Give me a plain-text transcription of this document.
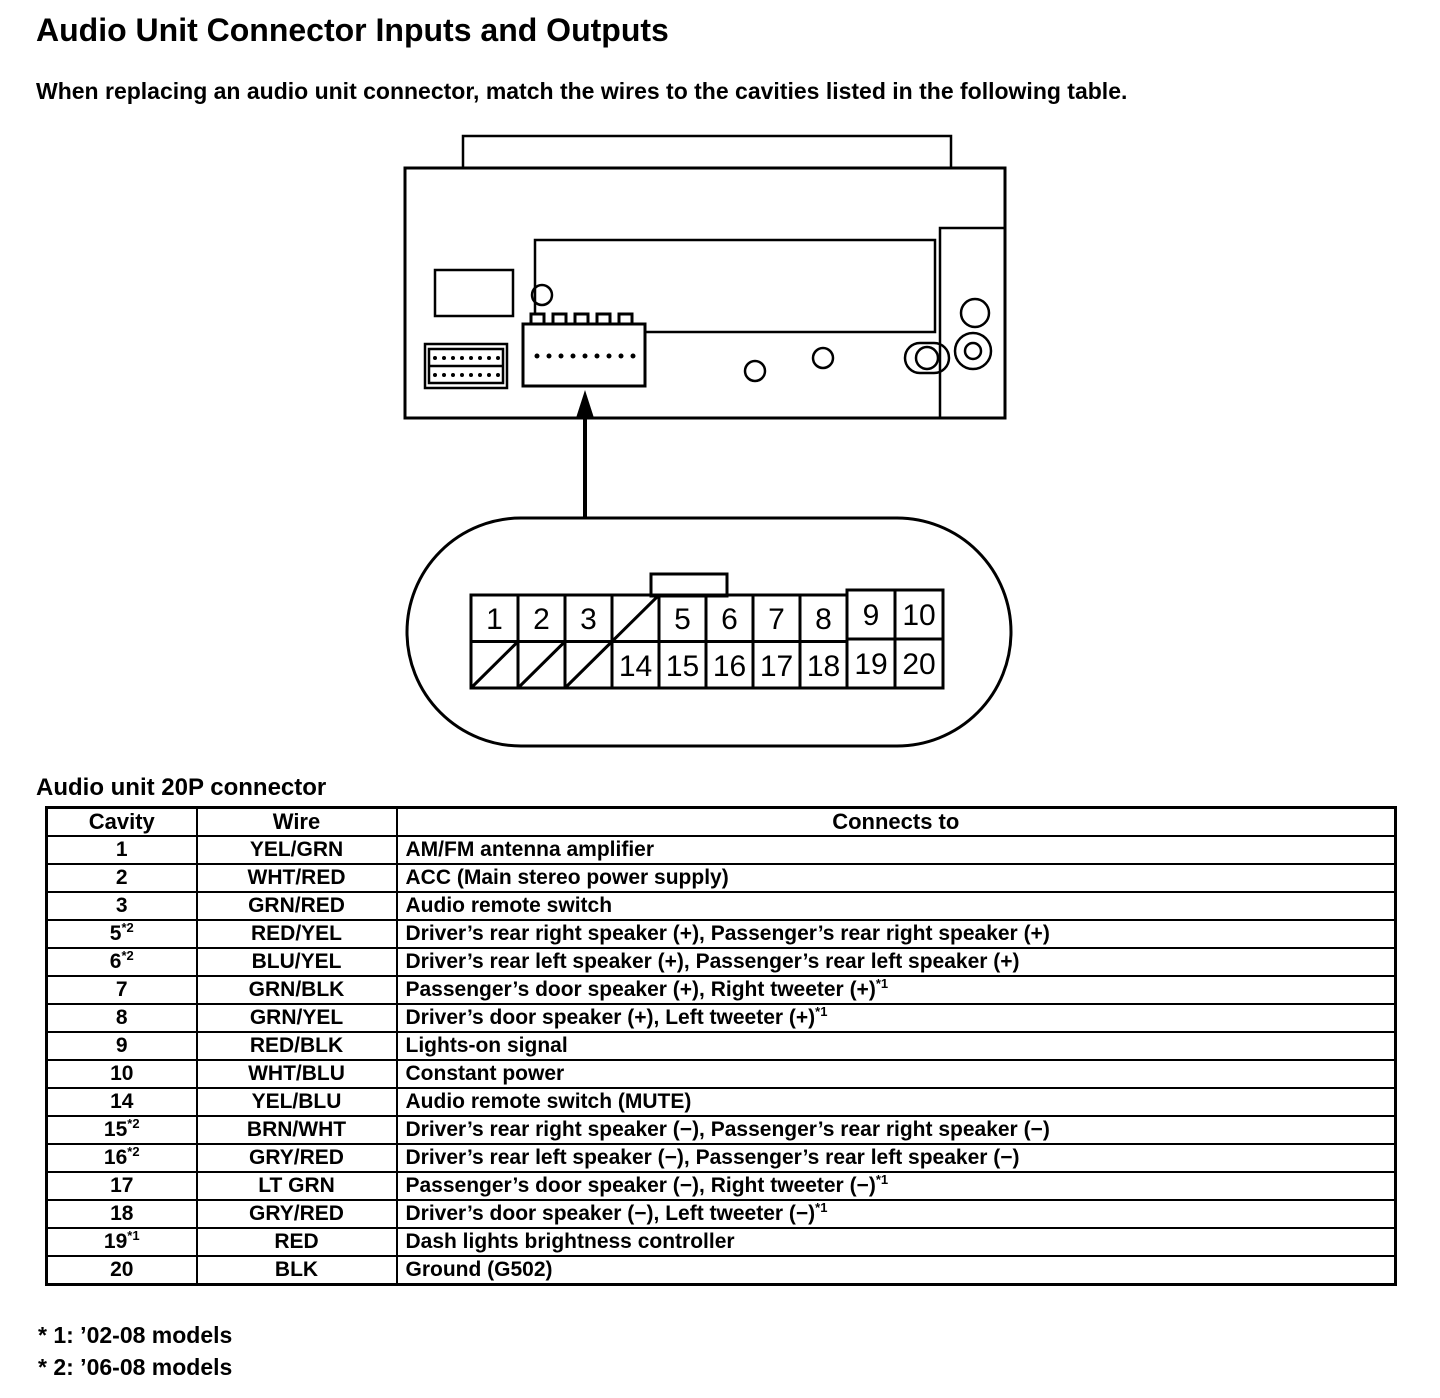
Audio Unit Connector Inputs and Outputs
When replacing an audio unit connector, match the wires to the cavities listed in the following table.
1 2 3	5 6 7 8 9 10
14 15 16 17 18 19 20
Audio unit 20P connector
Cavity	Wire	Connects to
1	YEL/GRN	AM/FM antenna amplifier
2	WHT/RED	ACC (Main stereo power supply)
3	GRN/RED	Audio remote switch
5$^{*2}$	RED/YEL	Driver’s rear right speaker (+), Passenger’s rear right speaker (+)
6$^{*2}$	BLU/YEL	Driver’s rear left speaker (+), Passenger’s rear left speaker (+)
7	GRN/BLK	Passenger’s door speaker (+), Right tweeter $(+)^{*1}$
8	GRN/YEL	Driver’s door speaker (+), Left tweeter $(+)^{*1}$
9	RED/BLK	Lights-on signal
10	WHT/BLU	Constant power
14	YEL/BLU	Audio remote switch (MUTE)
15$^{*2}$	BRN/WHT	Driver’s rear right speaker (−), Passenger’s rear right speaker (−)
16$^{*2}$	GRY/RED	Driver’s rear left speaker (−), Passenger’s rear left speaker (−)
17	LT GRN	Passenger’s door speaker (−), Right tweeter $(-)^{*1}$
18	GRY/RED	Driver’s door speaker (−), Left tweeter $(-)^{*1}$
19$^{*1}$	RED	Dash lights brightness controller
20	BLK	Ground (G502)
* 1: ’02-08 models
* 2: ’06-08 models
